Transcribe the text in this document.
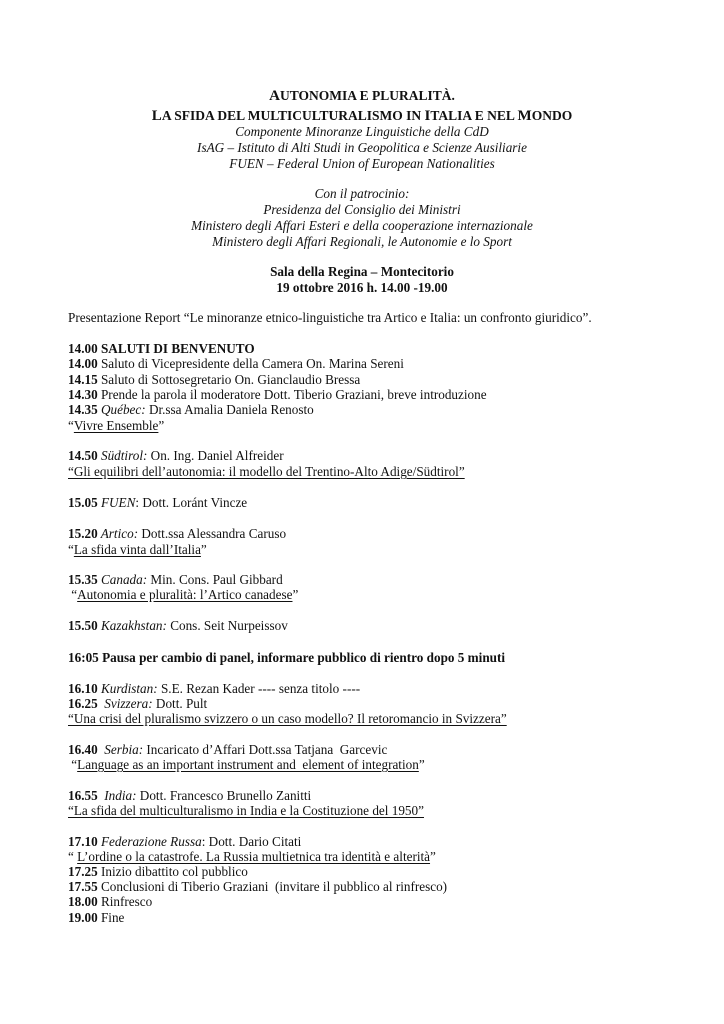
AUTONOMIA E PLURALITÀ.
LA SFIDA DEL MULTICULTURALISMO IN ITALIA E NEL MONDO
Componente Minoranze Linguistiche della CdD
IsAG – Istituto di Alti Studi in Geopolitica e Scienze Ausiliarie
FUEN – Federal Union of European Nationalities
Con il patrocinio:
Presidenza del Consiglio dei Ministri
Ministero degli Affari Esteri e della cooperazione internazionale
Ministero degli Affari Regionali, le Autonomie e lo Sport
Sala della Regina – Montecitorio
19 ottobre 2016 h. 14.00 -19.00
Presentazione Report “Le minoranze etnico-linguistiche tra Artico e Italia: un confronto giuridico”.
14.00 SALUTI DI BENVENUTO
14.00 Saluto di Vicepresidente della Camera On. Marina Sereni
14.15 Saluto di Sottosegretario On. Gianclaudio Bressa
14.30 Prende la parola il moderatore Dott. Tiberio Graziani, breve introduzione
14.35 Québec: Dr.ssa Amalia Daniela Renosto
“Vivre Ensemble”
14.50 Südtirol: On. Ing. Daniel Alfreider
“Gli equilibri dell’autonomia: il modello del Trentino-Alto Adige/Südtirol”
15.05 FUEN: Dott. Loránt Vincze
15.20 Artico: Dott.ssa Alessandra Caruso
“La sfida vinta dall’Italia”
15.35 Canada: Min. Cons. Paul Gibbard
“Autonomia e pluralità: l’Artico canadese”
15.50 Kazakhstan: Cons. Seit Nurpeissov
16:05 Pausa per cambio di panel, informare pubblico di rientro dopo 5 minuti
16.10 Kurdistan: S.E. Rezan Kader ---- senza titolo ----
16.25  Svizzera: Dott. Pult
“Una crisi del pluralismo svizzero o un caso modello? Il retoromancio in Svizzera”
16.40  Serbia: Incaricato d’Affari Dott.ssa Tatjana  Garcevic
“Language as an important instrument and  element of integration”
16.55  India: Dott. Francesco Brunello Zanitti
“La sfida del multiculturalismo in India e la Costituzione del 1950”
17.10 Federazione Russa: Dott. Dario Citati
“ L’ordine o la catastrofe. La Russia multietnica tra identità e alterità”
17.25 Inizio dibattito col pubblico
17.55 Conclusioni di Tiberio Graziani  (invitare il pubblico al rinfresco)
18.00 Rinfresco
19.00 Fine
